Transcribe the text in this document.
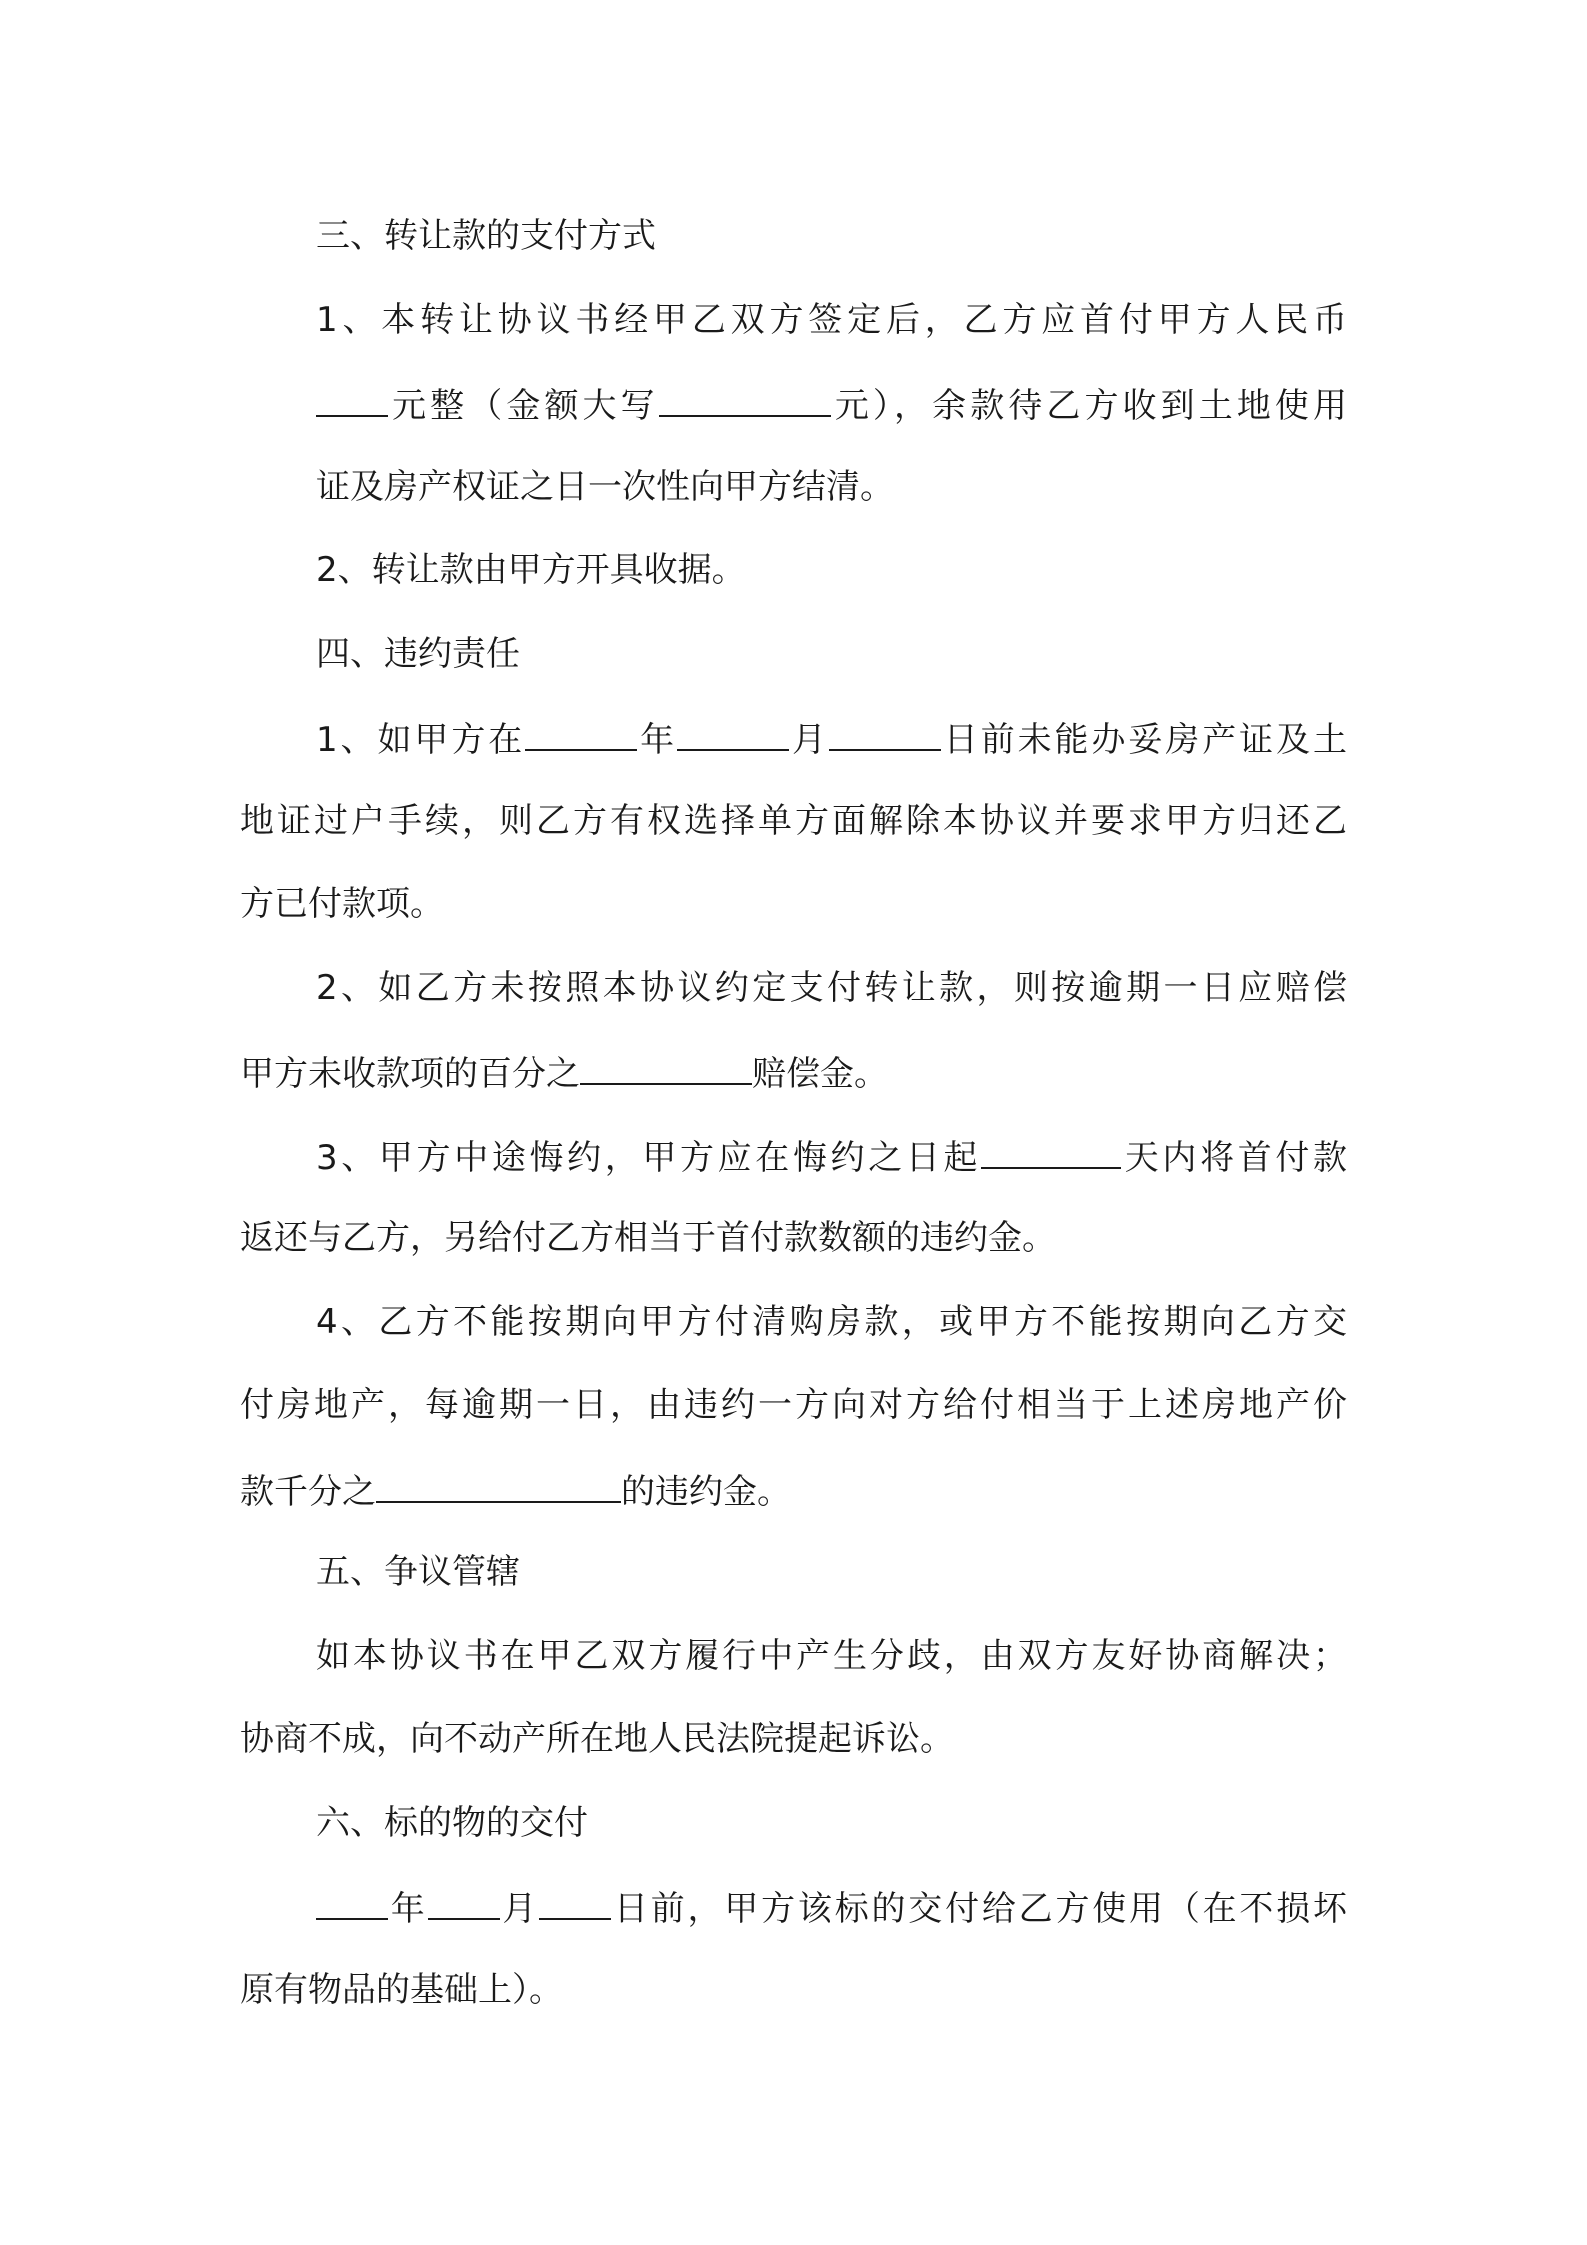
三、转让款的支付方式
1、本转让协议书经甲乙双方签定后，乙方应首付甲方人民币
元整（金额大写	元），余款待乙方收到土地使用
证及房产权证之日一次性向甲方结清。
2、转让款由甲方开具收据。
四、违约责任
1、如甲方在	年	月	日前未能办妥房产证及土
地证过户手续，则乙方有权选择单方面解除本协议并要求甲方归还乙
方已付款项。
2、如乙方未按照本协议约定支付转让款，则按逾期一日应赔偿
甲方未收款项的百分之	赔偿金。
3、甲方中途悔约，甲方应在悔约之日起	天内将首付款
返还与乙方，另给付乙方相当于首付款数额的违约金。
4、乙方不能按期向甲方付清购房款，或甲方不能按期向乙方交
付房地产，每逾期一日，由违约一方向对方给付相当于上述房地产价
款千分之	的违约金。
五、争议管辖
如本协议书在甲乙双方履行中产生分歧，由双方友好协商解决；
协商不成，向不动产所在地人民法院提起诉讼。
六、标的物的交付
年 月 日前，甲方该标的交付给乙方使用（在不损坏
原有物品的基础上）。
